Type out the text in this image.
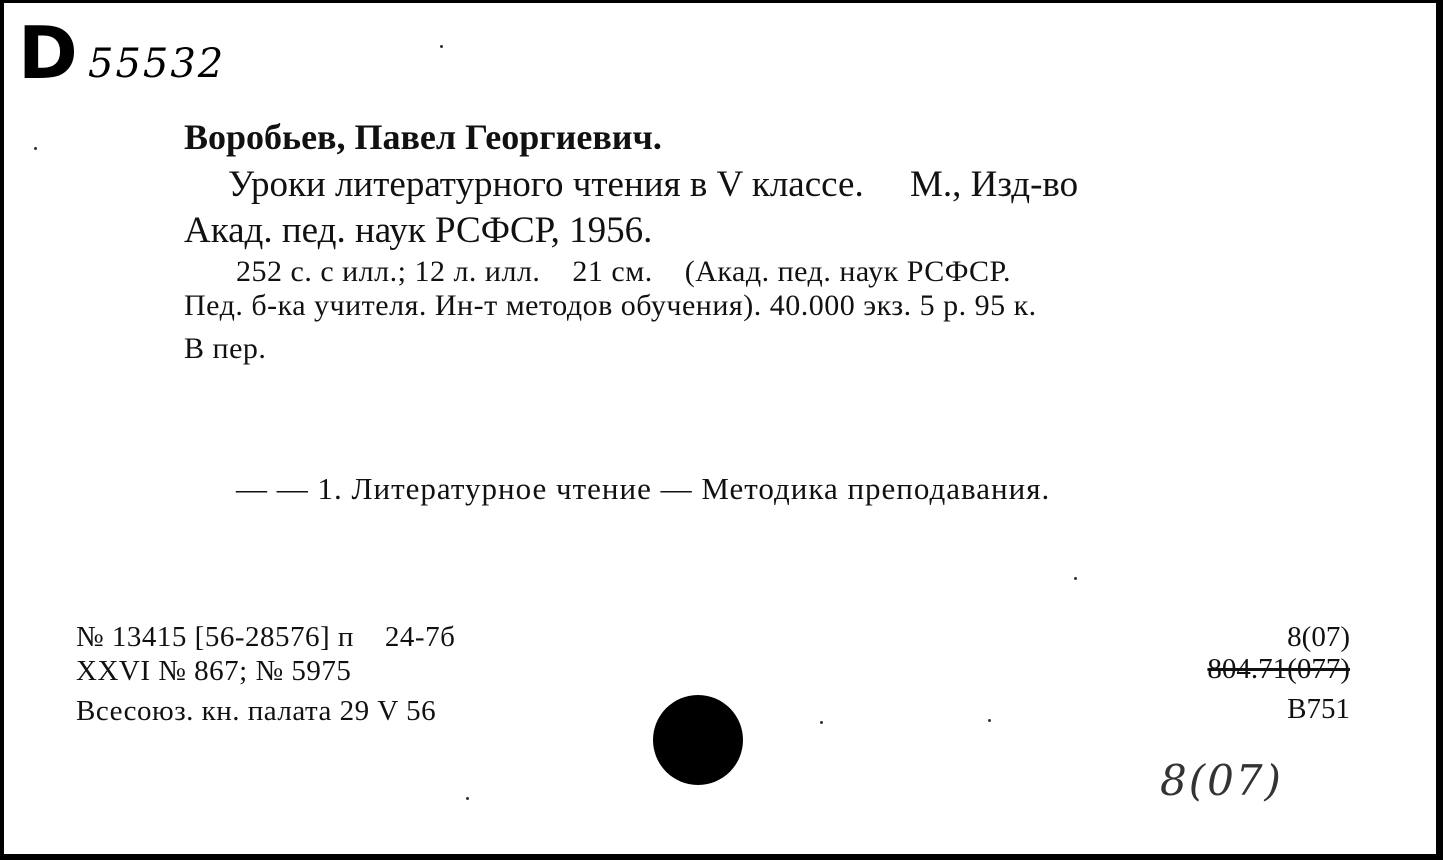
D 55532
Воробьев, Павел Георгиевич.
Уроки литературного чтения в V классе.     М., Изд-во
Акад. пед. наук РСФСР, 1956.
252 с. с илл.; 12 л. илл.    21 см.    (Акад. пед. наук РСФСР.
Пед. б-ка учителя. Ин-т методов обучения). 40.000 экз. 5 р. 95 к.
В пер.
— — 1. Литературное чтение — Методика преподавания.
№ 13415 [56-28576] п    24-7б
XXVI № 867; № 5975
Всесоюз. кн. палата 29 V 56
8(07)
804.71(077)
В751
8(07)
